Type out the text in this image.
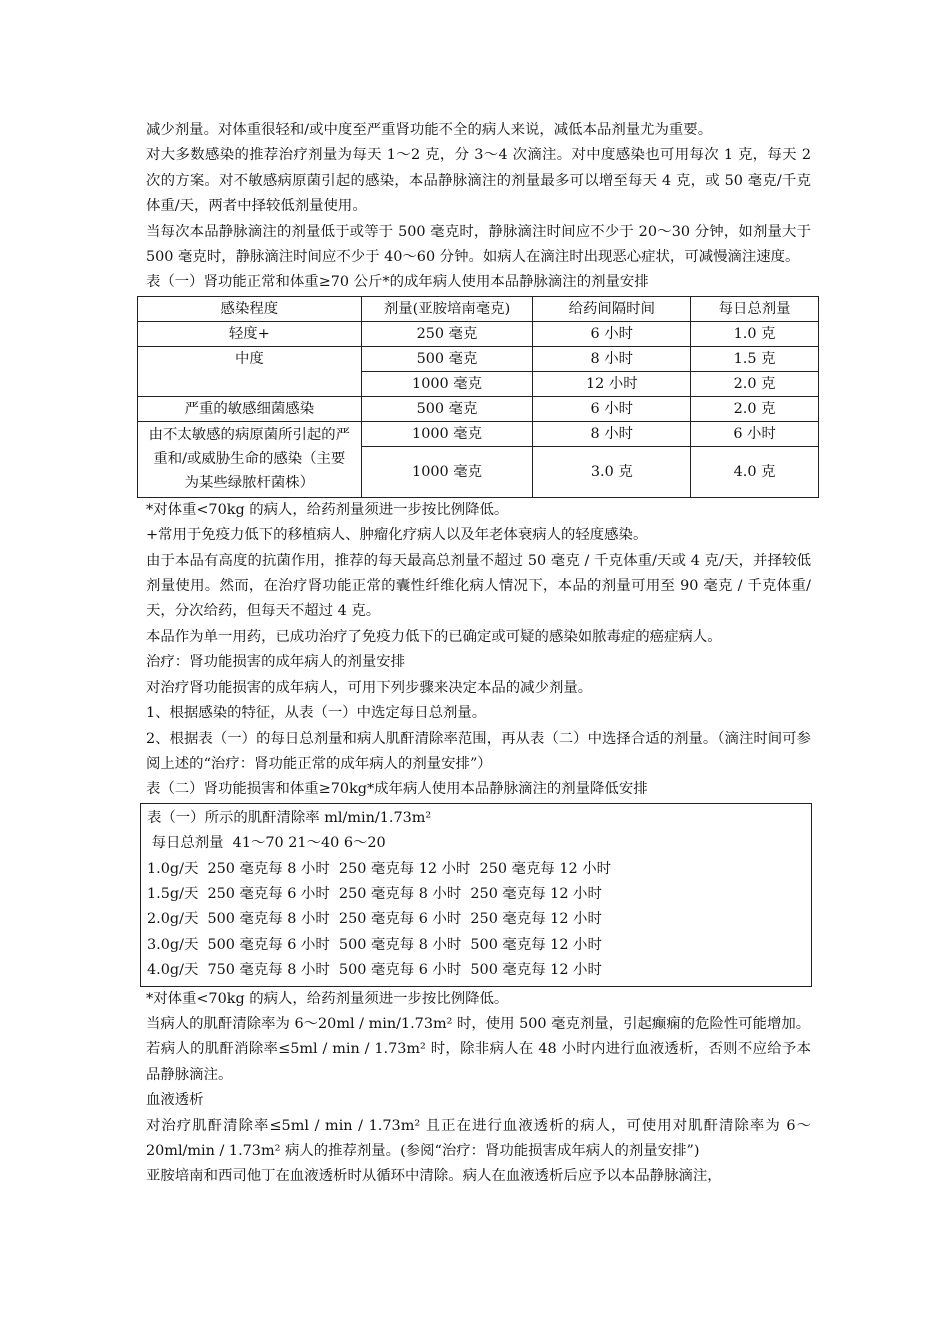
减少剂量。对体重很轻和/或中度至严重肾功能不全的病人来说，减低本品剂量尤为重要。

对大多数感染的推荐治疗剂量为每天 1～2 克，分 3～4 次滴注。对中度感染也可用每次 1 克，每天 2 次的方案。对不敏感病原菌引起的感染，本品静脉滴注的剂量最多可以增至每天 4 克，或 50 毫克/千克体重/天，两者中择较低剂量使用。

当每次本品静脉滴注的剂量低于或等于 500 毫克时，静脉滴注时间应不少于 20～30 分钟，如剂量大于 500 毫克时，静脉滴注时间应不少于 40～60 分钟。如病人在滴注时出现恶心症状，可减慢滴注速度。

表（一）肾功能正常和体重≥70 公斤*的成年病人使用本品静脉滴注的剂量安排

感染程度	剂量(亚胺培南毫克)	给药间隔时间	每日总剂量
轻度+	250 毫克	6 小时	1.0 克
中度	500 毫克	8 小时	1.5 克
	1000 毫克	12 小时	2.0 克
严重的敏感细菌感染	500 毫克	6 小时	2.0 克
由不太敏感的病原菌所引起的严重和/或威胁生命的感染（主要为某些绿脓杆菌株）	1000 毫克	8 小时	6 小时
	1000 毫克	3.0 克	4.0 克

*对体重<70kg 的病人，给药剂量须进一步按比例降低。

+常用于免疫力低下的移植病人、肿瘤化疗病人以及年老体衰病人的轻度感染。

由于本品有高度的抗菌作用，推荐的每天最高总剂量不超过 50 毫克 / 千克体重/天或 4 克/天，并择较低剂量使用。然而，在治疗肾功能正常的囊性纤维化病人情况下，本品的剂量可用至 90 毫克 / 千克体重/天，分次给药，但每天不超过 4 克。

本品作为单一用药，已成功治疗了免疫力低下的已确定或可疑的感染如脓毒症的癌症病人。

治疗：肾功能损害的成年病人的剂量安排

对治疗肾功能损害的成年病人，可用下列步骤来决定本品的减少剂量。

1、根据感染的特征，从表（一）中选定每日总剂量。

2、根据表（一）的每日总剂量和病人肌酐清除率范围，再从表（二）中选择合适的剂量。（滴注时间可参阅上述的“治疗：肾功能正常的成年病人的剂量安排”）

表（二）肾功能损害和体重≥70kg*成年病人使用本品静脉滴注的剂量降低安排

表（一）所示的肌酐清除率 ml/min/1.73m²
每日总剂量  41～70 21～40 6～20
1.0g/天  250 毫克每 8 小时  250 毫克每 12 小时  250 毫克每 12 小时
1.5g/天  250 毫克每 6 小时  250 毫克每 8 小时  250 毫克每 12 小时
2.0g/天  500 毫克每 8 小时  250 毫克每 6 小时  250 毫克每 12 小时
3.0g/天  500 毫克每 6 小时  500 毫克每 8 小时  500 毫克每 12 小时
4.0g/天  750 毫克每 8 小时  500 毫克每 6 小时  500 毫克每 12 小时

*对体重<70kg 的病人，给药剂量须进一步按比例降低。

当病人的肌酐清除率为 6～20ml / min/1.73m² 时，使用 500 毫克剂量，引起癫痫的危险性可能增加。

若病人的肌酐消除率≤5ml / min / 1.73m² 时，除非病人在 48 小时内进行血液透析，否则不应给予本品静脉滴注。

血液透析

对治疗肌酐清除率≤5ml / min / 1.73m² 且正在进行血液透析的病人，可使用对肌酐清除率为 6～20ml/min / 1.73m² 病人的推荐剂量。(参阅“治疗：肾功能损害成年病人的剂量安排”)

亚胺培南和西司他丁在血液透析时从循环中清除。病人在血液透析后应予以本品静脉滴注，
